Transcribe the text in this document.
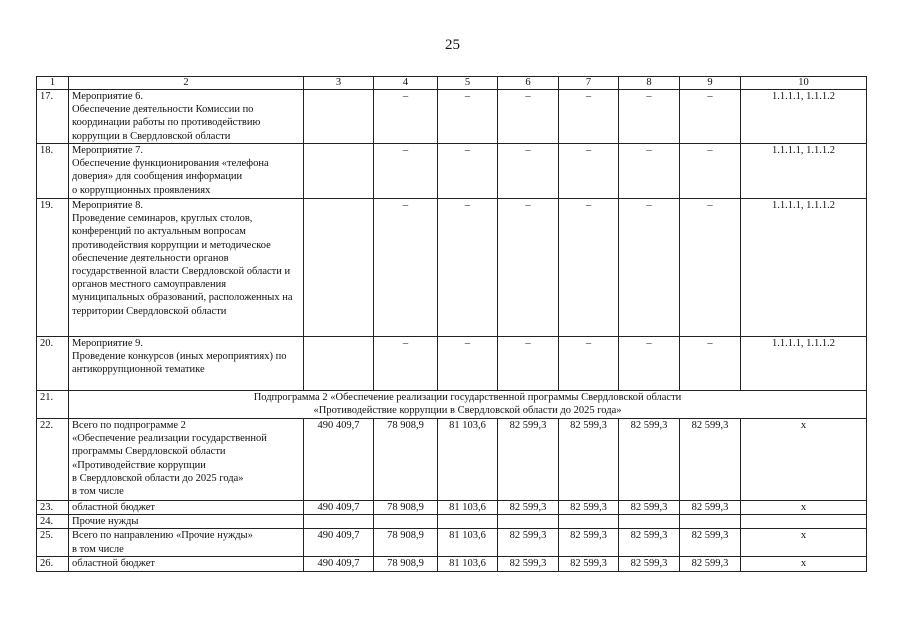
25
1	2	3	4	5	6	7	8	9	10
17.	Мероприятие 6.
Обеспечение деятельности Комиссии по координации работы по противодействию коррупции в Свердловской области		–	–	–	–	–	–	1.1.1.1, 1.1.1.2
18.	Мероприятие 7.
Обеспечение функционирования «телефона доверия» для сообщения информации
о коррупционных проявлениях		–	–	–	–	–	–	1.1.1.1, 1.1.1.2
19.	Мероприятие 8.
Проведение семинаров, круглых столов, конференций по актуальным вопросам противодействия коррупции и методическое обеспечение деятельности органов государственной власти Свердловской области и органов местного самоуправления муниципальных образований, расположенных на территории Свердловской области		–	–	–	–	–	–	1.1.1.1, 1.1.1.2
20.	Мероприятие 9.
Проведение конкурсов (иных мероприятиях) по антикоррупционной тематике		–	–	–	–	–	–	1.1.1.1, 1.1.1.2
21.	Подпрограмма 2 «Обеспечение реализации государственной программы Свердловской области
«Противодействие коррупции в Свердловской области до 2025 года»								
22.	Всего по подпрограмме 2
«Обеспечение реализации государственной программы Свердловской области
«Противодействие коррупции
в Свердловской области до 2025 года»
в том числе	490 409,7	78 908,9	81 103,6	82 599,3	82 599,3	82 599,3	82 599,3	х
23.	областной бюджет	490 409,7	78 908,9	81 103,6	82 599,3	82 599,3	82 599,3	82 599,3	х
24.	Прочие нужды								
25.	Всего по направлению «Прочие нужды»
в том числе	490 409,7	78 908,9	81 103,6	82 599,3	82 599,3	82 599,3	82 599,3	х
26.	областной бюджет	490 409,7	78 908,9	81 103,6	82 599,3	82 599,3	82 599,3	82 599,3	х
